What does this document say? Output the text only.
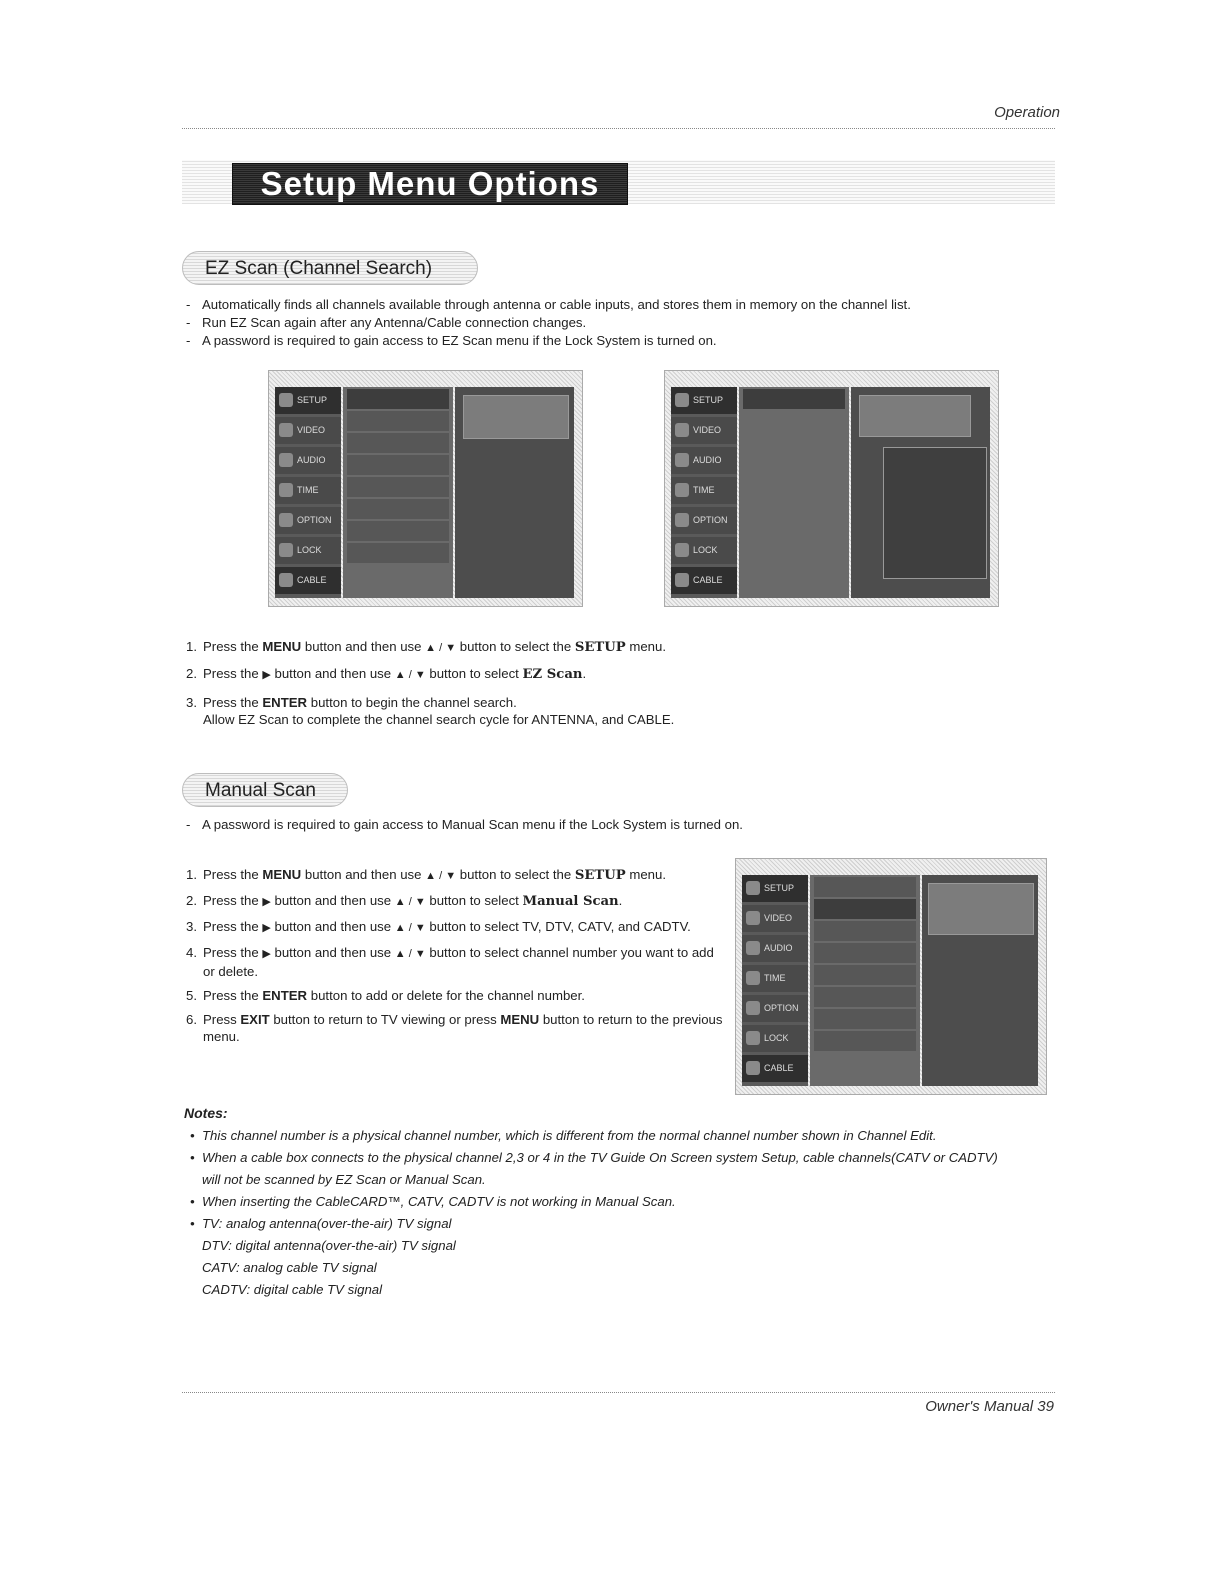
Operation
Setup Menu Options
EZ Scan (Channel Search)
- Automatically finds all channels available through antenna or cable inputs, and stores them in memory on the channel list.
- Run EZ Scan again after any Antenna/Cable connection changes.
- A password is required to gain access to EZ Scan menu if the Lock System is turned on.
SETUP
VIDEO
AUDIO
TIME
OPTION
LOCK
CABLE
SETUP
VIDEO
AUDIO
TIME
OPTION
LOCK
CABLE
1. Press the MENU button and then use ▲ / ▼ button to select the SETUP menu.
2. Press the ▶ button and then use ▲ / ▼ button to select EZ Scan.
3. Press the ENTER button to begin the channel search.
Allow EZ Scan to complete the channel search cycle for ANTENNA, and CABLE.
Manual Scan
- A password is required to gain access to Manual Scan menu if the Lock System is turned on.
1. Press the MENU button and then use ▲ / ▼ button to select the SETUP menu.
2. Press the ▶ button and then use ▲ / ▼ button to select Manual Scan.
3. Press the ▶ button and then use ▲ / ▼ button to select TV, DTV, CATV, and CADTV.
4. Press the ▶ button and then use ▲ / ▼ button to select channel number you want to add or delete.
5. Press the ENTER button to add or delete for the channel number.
6. Press EXIT button to return to TV viewing or press MENU button to return to the previous menu.
SETUP
VIDEO
AUDIO
TIME
OPTION
LOCK
CABLE
Notes:
• This channel number is a physical channel number, which is different from the normal channel number shown in Channel Edit.
• When a cable box connects to the physical channel 2,3 or 4 in the TV Guide On Screen system Setup, cable channels(CATV or CADTV) will not be scanned by EZ Scan or Manual Scan.
• When inserting the CableCARD™, CATV, CADTV is not working in Manual Scan.
• TV: analog antenna(over-the-air) TV signal
DTV: digital antenna(over-the-air) TV signal
CATV: analog cable TV signal
CADTV: digital cable TV signal
Owner's Manual 39
